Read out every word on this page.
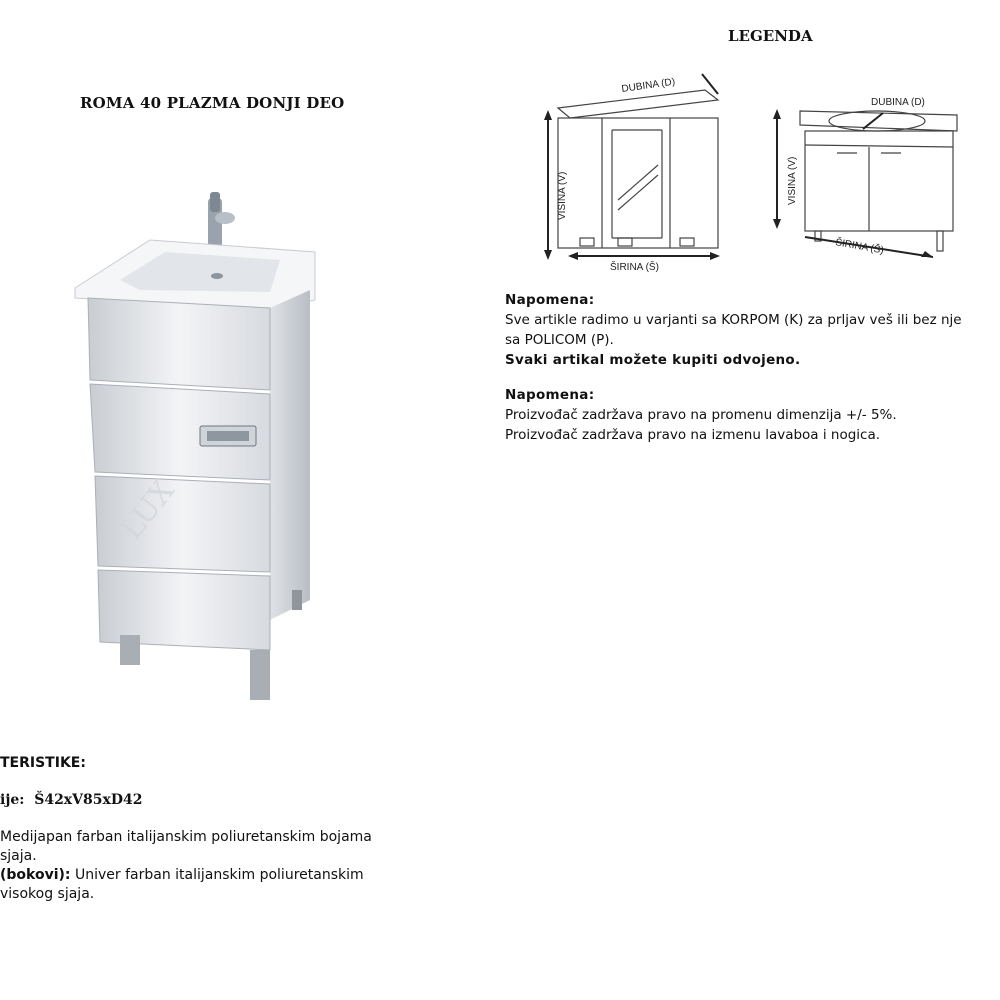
ROMA 40 PLAZMA DONJI DEO
LEGENDA
LUX
VISINA (V)
DUBINA (D)
ŠIRINA (Š)
DUBINA (D)
VISINA (V)
ŠIRINA (Š)
Napomena:
Sve artikle radimo u varjanti sa KORPOM (K) za prljav veš ili bez nje
sa POLICOM (P).
Svaki artikal možete kupiti odvojeno.
Napomena:
Proizvođač zadržava pravo na promenu dimenzija +/- 5%.
Proizvođač zadržava pravo na izmenu lavaboa i nogica.
TERISTIKE:
ije: Š42xV85xD42
Medijapan farban italijanskim poliuretanskim bojama
sjaja.
(bokovi): Univer farban italijanskim poliuretanskim
visokog sjaja.
